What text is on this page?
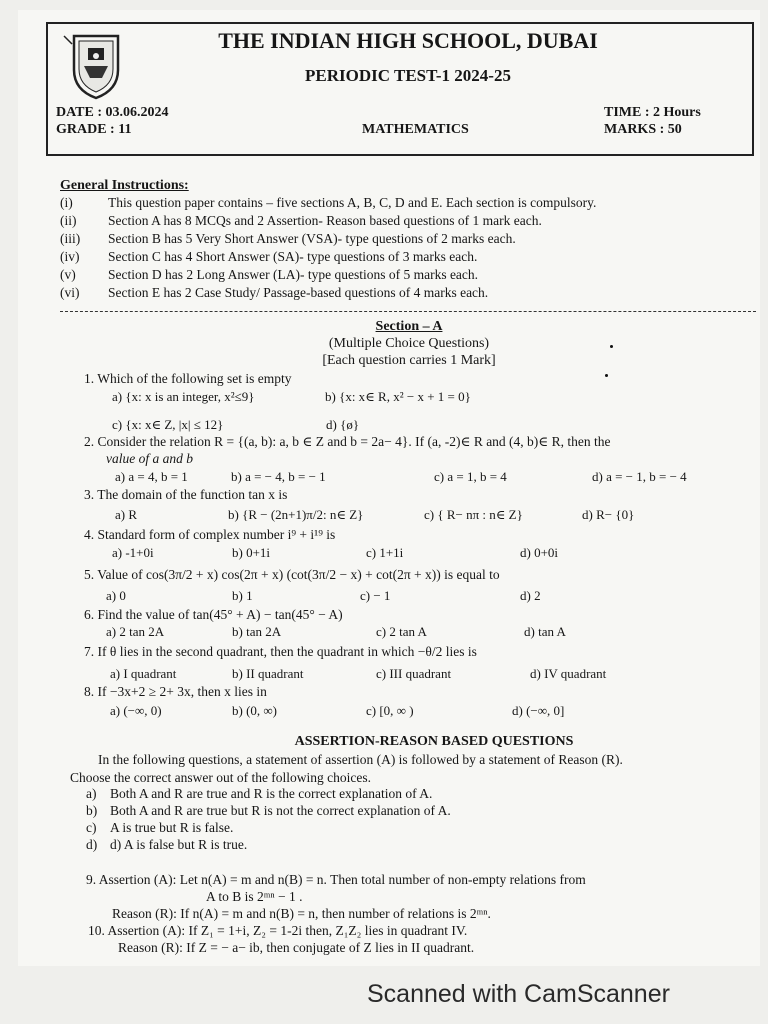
THE INDIAN HIGH SCHOOL, DUBAI
PERIODIC TEST-1 2024-25
DATE : 03.06.2024
GRADE : 11	MATHEMATICS
TIME : 2 Hours
MARKS : 50
General Instructions:
(i)	This question paper contains – five sections A, B, C, D and E. Each section is compulsory.
(ii) Section A has 8 MCQs and 2 Assertion- Reason based questions of 1 mark each.
(iii) Section B has 5 Very Short Answer (VSA)- type questions of 2 marks each.
(iv) Section C has 4 Short Answer (SA)- type questions of 3 marks each.
(v) Section D has 2 Long Answer (LA)- type questions of 5 marks each.
(vi) Section E has 2 Case Study/ Passage-based questions of 4 marks each.
Section – A
(Multiple Choice Questions)
[Each question carries 1 Mark]
1. Which of the following set is empty
a) {x: x is an integer, x²≤9}	b) {x: x∈ R, x² − x + 1 = 0}
c) {x: x∈ Z, |x| ≤ 12}	d) {ø}
2. Consider the relation R = {(a, b): a, b ∈ Z and b = 2a− 4}. If (a, -2)∈ R and (4, b)∈ R, then the
value of a and b
a) a = 4, b = 1	b) a = − 4, b = − 1	c) a = 1, b = 4	d) a = − 1, b = − 4
3. The domain of the function tan x is
a) R	b) {R − (2n+1)π/2: n∈ Z}	c) { R− nπ : n∈ Z}	d) R− {0}
4. Standard form of complex number i⁹ + i¹⁹ is
a) -1+0i	b) 0+1i	c) 1+1i	d) 0+0i
5. Value of cos(3π/2 + x) cos(2π + x) (cot(3π/2 − x) + cot(2π + x)) is equal to
a) 0	b) 1	c) − 1	d) 2
6. Find the value of tan(45° + A) − tan(45° − A)
a) 2 tan 2A	b) tan 2A	c) 2 tan A	d) tan A
7. If θ lies in the second quadrant, then the quadrant in which −θ/2 lies is
a) I quadrant	b) II quadrant	c) III quadrant	d) IV quadrant
8. If −3x+2 ≥ 2+ 3x, then x lies in
a) (−∞, 0)	b) (0, ∞)	c) [0, ∞ )	d) (−∞, 0]
ASSERTION-REASON BASED QUESTIONS
In the following questions, a statement of assertion (A) is followed by a statement of Reason (R).
Choose the correct answer out of the following choices.
a) Both A and R are true and R is the correct explanation of A.
b) Both A and R are true but R is not the correct explanation of A.
c) A is true but R is false.
d) d) A is false but R is true.
9. Assertion (A): Let n(A) = m and n(B) = n. Then total number of non-empty relations from
A to B is 2ᵐⁿ − 1 .
Reason (R): If n(A) = m and n(B) = n, then number of relations is 2ᵐⁿ.
10. Assertion (A): If Z₁ = 1+i, Z₂ = 1-2i then, Z₁Z₂ lies in quadrant IV.
Reason (R): If Z = − a− ib, then conjugate of Z lies in II quadrant.
Scanned with CamScanner
